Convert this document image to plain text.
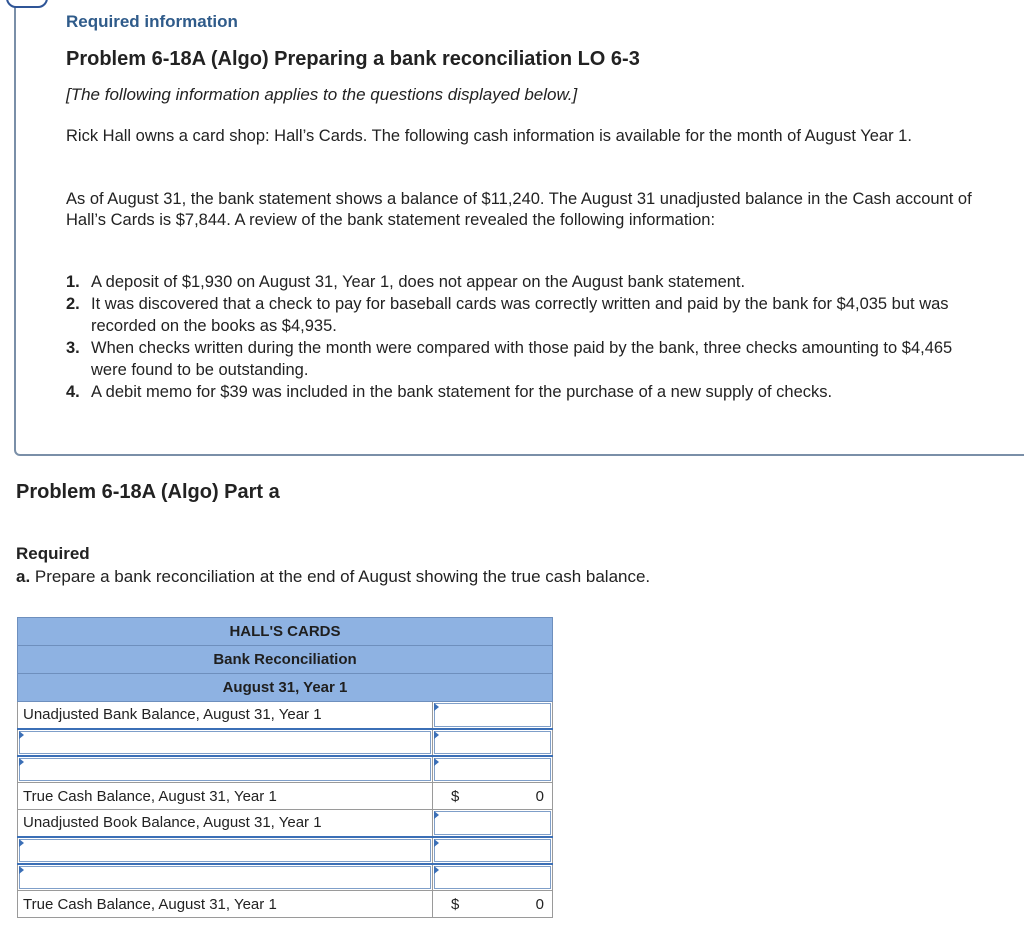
Required information
Problem 6-18A (Algo) Preparing a bank reconciliation LO 6-3
[The following information applies to the questions displayed below.]
Rick Hall owns a card shop: Hall’s Cards. The following cash information is available for the month of August Year 1.
As of August 31, the bank statement shows a balance of $11,240. The August 31 unadjusted balance in the Cash account of Hall’s Cards is $7,844. A review of the bank statement revealed the following information:
1. A deposit of $1,930 on August 31, Year 1, does not appear on the August bank statement.
2. It was discovered that a check to pay for baseball cards was correctly written and paid by the bank for $4,035 but was recorded on the books as $4,935.
3. When checks written during the month were compared with those paid by the bank, three checks amounting to $4,465 were found to be outstanding.
4. A debit memo for $39 was included in the bank statement for the purchase of a new supply of checks.
Problem 6-18A (Algo) Part a
Required
a. Prepare a bank reconciliation at the end of August showing the true cash balance.
HALL'S CARDS	
Bank Reconciliation	
August 31, Year 1	
Unadjusted Bank Balance, August 31, Year 1	

True Cash Balance, August 31, Year 1	$ 0

Unadjusted Book Balance, August 31, Year 1	

True Cash Balance, August 31, Year 1	$ 0
